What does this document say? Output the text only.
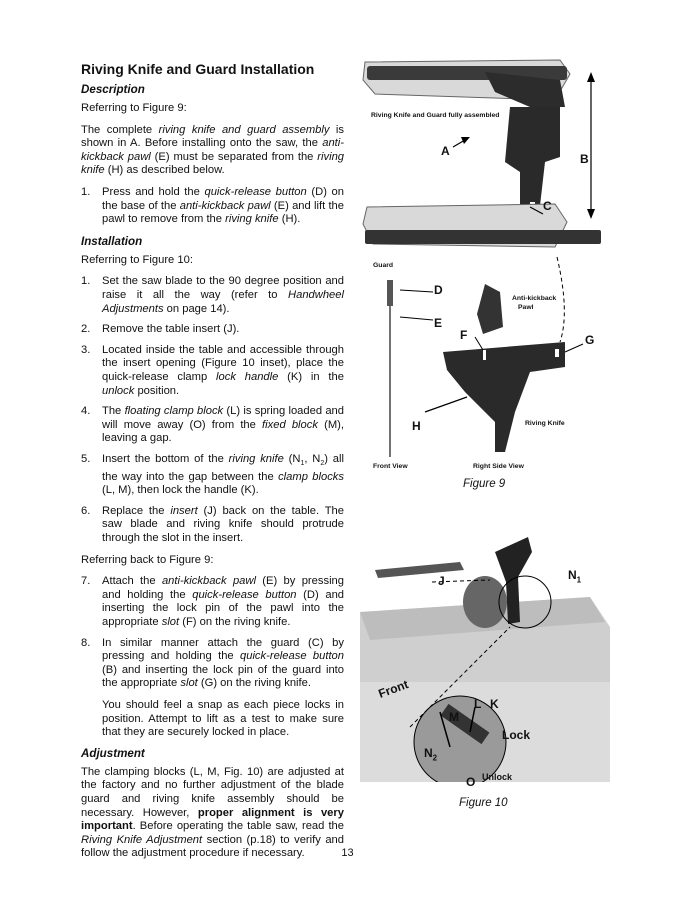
Riving Knife and Guard Installation
Description

Referring to Figure 9:

The complete riving knife and guard assembly is shown in A. Before installing onto the saw, the anti-kickback pawl (E) must be separated from the riving knife (H) as described below.

1. Press and hold the quick-release button (D) on the base of the anti-kickback pawl (E) and lift the pawl to remove from the riving knife (H).
Installation

Referring to Figure 10:

1. Set the saw blade to the 90 degree position and raise it all the way (refer to Handwheel Adjustments on page 14).
2. Remove the table insert (J).
3. Located inside the table and accessible through the insert opening (Figure 10 inset), place the quick-release clamp lock handle (K) in the unlock position.
4. The floating clamp block (L) is spring loaded and will move away (O) from the fixed block (M), leaving a gap.
5. Insert the bottom of the riving knife ($N_1$, $N_2$) all the way into the gap between the clamp blocks (L, M), then lock the handle (K).
6. Replace the insert (J) back on the table. The saw blade and riving knife should protrude through the slot in the insert.

Referring back to Figure 9:

7. Attach the anti-kickback pawl (E) by pressing and holding the quick-release button (D) and inserting the lock pin of the pawl into the appropriate slot (F) on the riving knife.
8. In similar manner attach the guard (C) by pressing and holding the quick-release button (B) and inserting the lock pin of the guard into the appropriate slot (G) on the riving knife.
You should feel a snap as each piece locks in position. Attempt to lift as a test to make sure that they are securely locked in place.
Adjustment

The clamping blocks (L, M, Fig. 10) are adjusted at the factory and no further adjustment of the blade guard and riving knife assembly should be necessary. However, proper alignment is very important. Before operating the table saw, read the Riving Knife Adjustment section (p.18) to verify and follow the adjustment procedure if necessary.

Riving Knife and Guard fully assembled
A
B
C
Guard
D
E
F	G
H
Anti-kickback
Pawl
Riving Knife
Front View	Right Side View
Figure 9
J	$N_1$
Front
M
L K
Lock
$N_2$
O Unlock
Figure 10
13
